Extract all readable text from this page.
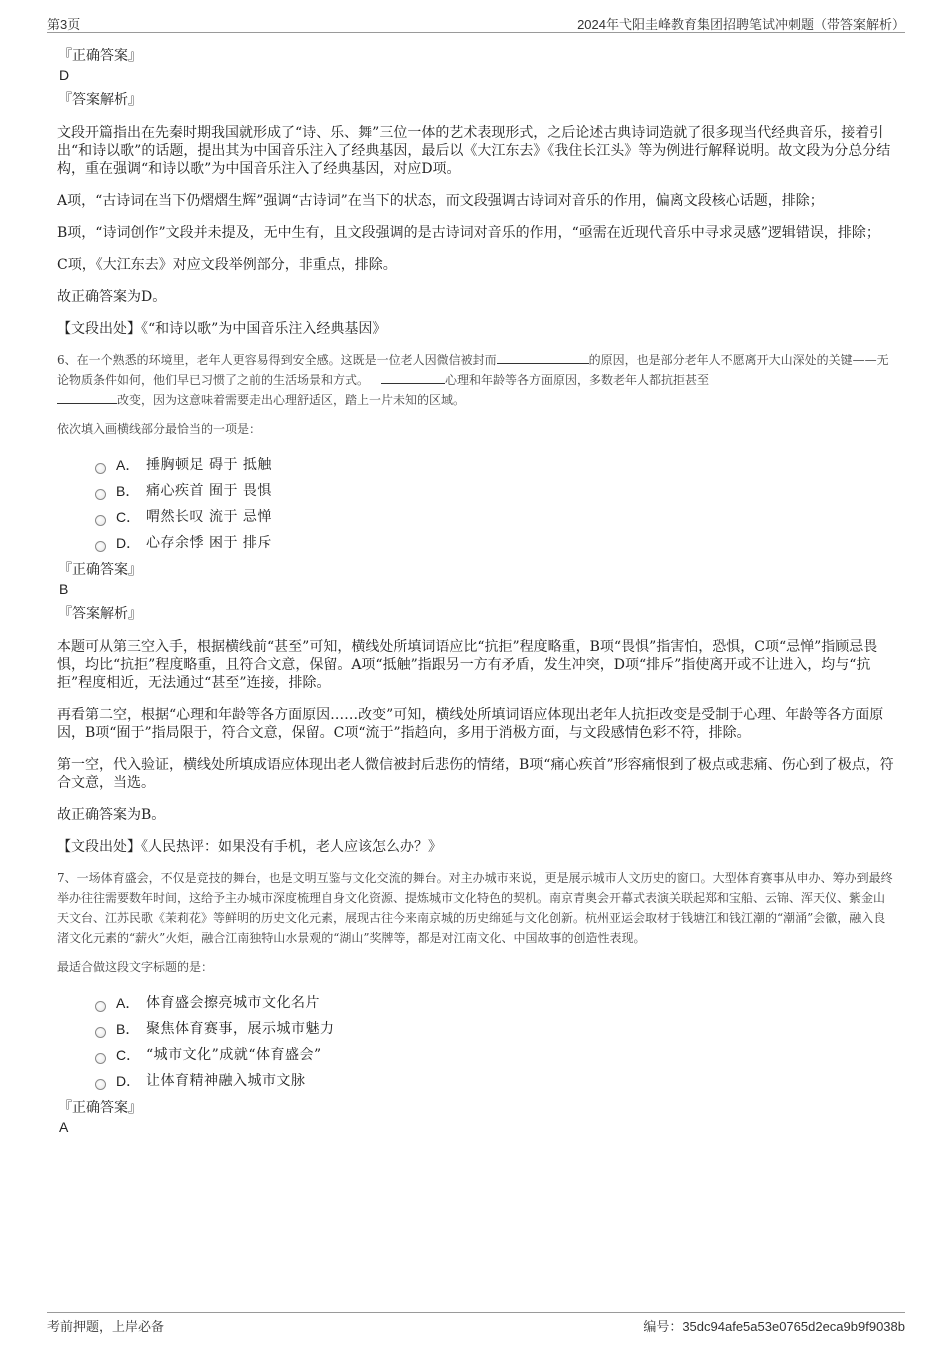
第3页	2024年弋阳圭峰教育集团招聘笔试冲刺题（带答案解析）

『正确答案』

D

『答案解析』

文段开篇指出在先秦时期我国就形成了“诗、乐、舞”三位一体的艺术表现形式，之后论述古典诗词造就了很多现当代经典音乐，接着引出“和诗以歌”的话题，提出其为中国音乐注入了经典基因，最后以《大江东去》《我住长江头》等为例进行解释说明。故文段为分总分结构，重在强调“和诗以歌”为中国音乐注入了经典基因，对应D项。

A项，“古诗词在当下仍熠熠生辉”强调“古诗词”在当下的状态，而文段强调古诗词对音乐的作用，偏离文段核心话题，排除；

B项，“诗词创作”文段并未提及，无中生有，且文段强调的是古诗词对音乐的作用，“亟需在近现代音乐中寻求灵感”逻辑错误，排除；

C项，《大江东去》对应文段举例部分，非重点，排除。

故正确答案为D。

【文段出处】《“和诗以歌”为中国音乐注入经典基因》

6、在一个熟悉的环境里，老年人更容易得到安全感。这既是一位老人因微信被封而	的原因，也是部分老年人不愿离开大山深处的关键——无论物质条件如何，他们早已习惯了之前的生活场景和方式。	心理和年龄等各方面原因，多数老年人都抗拒甚至
改变，因为这意味着需要走出心理舒适区，踏上一片未知的区域。

依次填入画横线部分最恰当的一项是：

A． 捶胸顿足 碍于 抵触
B． 痛心疾首 囿于 畏惧
C． 喟然长叹 流于 忌惮
D． 心存余悸 困于 排斥

『正确答案』

B

『答案解析』

本题可从第三空入手，根据横线前“甚至”可知，横线处所填词语应比“抗拒”程度略重，B项“畏惧”指害怕，恐惧，C项“忌惮”指顾忌畏惧，均比“抗拒”程度略重，且符合文意，保留。A项“抵触”指跟另一方有矛盾，发生冲突，D项“排斥”指使离开或不让进入，均与“抗拒”程度相近，无法通过“甚至”连接，排除。

再看第二空，根据“心理和年龄等各方面原因……改变”可知，横线处所填词语应体现出老年人抗拒改变是受制于心理、年龄等各方面原因，B项“囿于”指局限于，符合文意，保留。C项“流于”指趋向，多用于消极方面，与文段感情色彩不符，排除。

第一空，代入验证，横线处所填成语应体现出老人微信被封后悲伤的情绪，B项“痛心疾首”形容痛恨到了极点或悲痛、伤心到了极点，符合文意，当选。

故正确答案为B。

【文段出处】《人民热评：如果没有手机，老人应该怎么办？》

7、一场体育盛会，不仅是竞技的舞台，也是文明互鉴与文化交流的舞台。对主办城市来说，更是展示城市人文历史的窗口。大型体育赛事从申办、筹办到最终举办往往需要数年时间，这给予主办城市深度梳理自身文化资源、提炼城市文化特色的契机。南京青奥会开幕式表演关联起郑和宝船、云锦、浑天仪、紫金山天文台、江苏民歌《茉莉花》等鲜明的历史文化元素，展现古往今来南京城的历史绵延与文化创新。杭州亚运会取材于钱塘江和钱江潮的“潮涌”会徽，融入良渚文化元素的“薪火”火炬，融合江南独特山水景观的“湖山”奖牌等，都是对江南文化、中国故事的创造性表现。

最适合做这段文字标题的是：

A． 体育盛会擦亮城市文化名片
B． 聚焦体育赛事，展示城市魅力
C． “城市文化”成就“体育盛会”
D． 让体育精神融入城市文脉

『正确答案』

A

考前押题，上岸必备	编号：35dc94afe5a53e0765d2eca9b9f9038b
